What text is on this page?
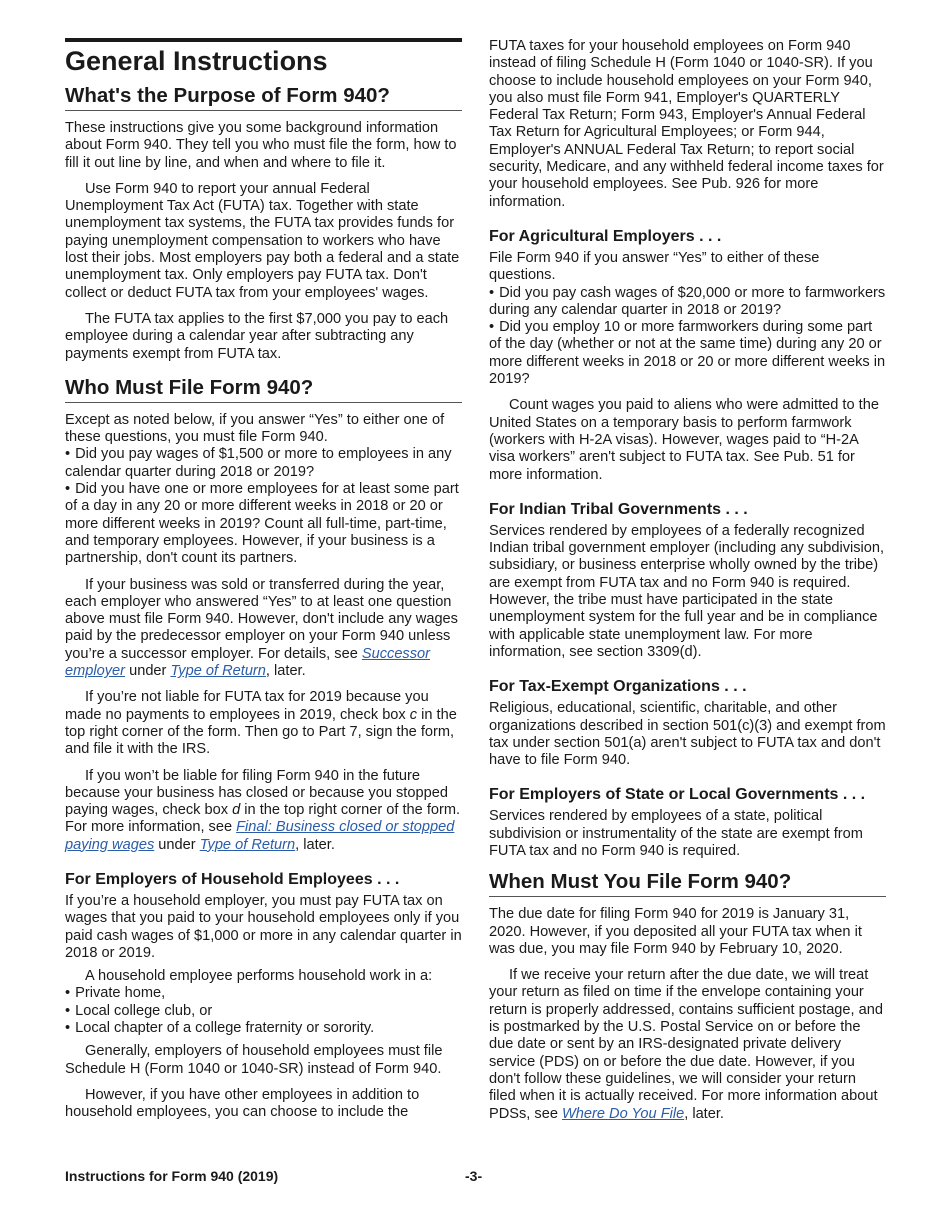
General Instructions
What's the Purpose of Form 940?

These instructions give you some background information about Form 940. They tell you who must file the form, how to fill it out line by line, and when and where to file it.

Use Form 940 to report your annual Federal Unemployment Tax Act (FUTA) tax. Together with state unemployment tax systems, the FUTA tax provides funds for paying unemployment compensation to workers who have lost their jobs. Most employers pay both a federal and a state unemployment tax. Only employers pay FUTA tax. Don't collect or deduct FUTA tax from your employees' wages.

The FUTA tax applies to the first $7,000 you pay to each employee during a calendar year after subtracting any payments exempt from FUTA tax.

Who Must File Form 940?

Except as noted below, if you answer “Yes” to either one of these questions, you must file Form 940.

• Did you pay wages of $1,500 or more to employees in any calendar quarter during 2018 or 2019?
• Did you have one or more employees for at least some part of a day in any 20 or more different weeks in 2018 or 20 or more different weeks in 2019? Count all full-time, part-time, and temporary employees. However, if your business is a partnership, don't count its partners.

If your business was sold or transferred during the year, each employer who answered “Yes” to at least one question above must file Form 940. However, don't include any wages paid by the predecessor employer on your Form 940 unless you’re a successor employer. For details, see Successor employer under Type of Return, later.

If you’re not liable for FUTA tax for 2019 because you made no payments to employees in 2019, check box c in the top right corner of the form. Then go to Part 7, sign the form, and file it with the IRS.

If you won’t be liable for filing Form 940 in the future because your business has closed or because you stopped paying wages, check box d in the top right corner of the form. For more information, see Final: Business closed or stopped paying wages under Type of Return, later.

For Employers of Household Employees . . .

If you’re a household employer, you must pay FUTA tax on wages that you paid to your household employees only if you paid cash wages of $1,000 or more in any calendar quarter in 2018 or 2019.

A household employee performs household work in a:

• Private home,
• Local college club, or
• Local chapter of a college fraternity or sorority.

Generally, employers of household employees must file Schedule H (Form 1040 or 1040-SR) instead of Form 940.

However, if you have other employees in addition to household employees, you can choose to include the

FUTA taxes for your household employees on Form 940 instead of filing Schedule H (Form 1040 or 1040-SR). If you choose to include household employees on your Form 940, you also must file Form 941, Employer's QUARTERLY Federal Tax Return; Form 943, Employer's Annual Federal Tax Return for Agricultural Employees; or Form 944, Employer's ANNUAL Federal Tax Return; to report social security, Medicare, and any withheld federal income taxes for your household employees. See Pub. 926 for more information.

For Agricultural Employers . . .

File Form 940 if you answer “Yes” to either of these questions.

• Did you pay cash wages of $20,000 or more to farmworkers during any calendar quarter in 2018 or 2019?
• Did you employ 10 or more farmworkers during some part of the day (whether or not at the same time) during any 20 or more different weeks in 2018 or 20 or more different weeks in 2019?

Count wages you paid to aliens who were admitted to the United States on a temporary basis to perform farmwork (workers with H-2A visas). However, wages paid to “H-2A visa workers” aren't subject to FUTA tax. See Pub. 51 for more information.

For Indian Tribal Governments . . .

Services rendered by employees of a federally recognized Indian tribal government employer (including any subdivision, subsidiary, or business enterprise wholly owned by the tribe) are exempt from FUTA tax and no Form 940 is required. However, the tribe must have participated in the state unemployment system for the full year and be in compliance with applicable state unemployment law. For more information, see section 3309(d).

For Tax-Exempt Organizations . . .

Religious, educational, scientific, charitable, and other organizations described in section 501(c)(3) and exempt from tax under section 501(a) aren't subject to FUTA tax and don't have to file Form 940.

For Employers of State or Local Governments . . .

Services rendered by employees of a state, political subdivision or instrumentality of the state are exempt from FUTA tax and no Form 940 is required.

When Must You File Form 940?

The due date for filing Form 940 for 2019 is January 31, 2020. However, if you deposited all your FUTA tax when it was due, you may file Form 940 by February 10, 2020.

If we receive your return after the due date, we will treat your return as filed on time if the envelope containing your return is properly addressed, contains sufficient postage, and is postmarked by the U.S. Postal Service on or before the due date or sent by an IRS-designated private delivery service (PDS) on or before the due date. However, if you don't follow these guidelines, we will consider your return filed when it is actually received. For more information about PDSs, see Where Do You File, later.

Instructions for Form 940 (2019)	-3-
